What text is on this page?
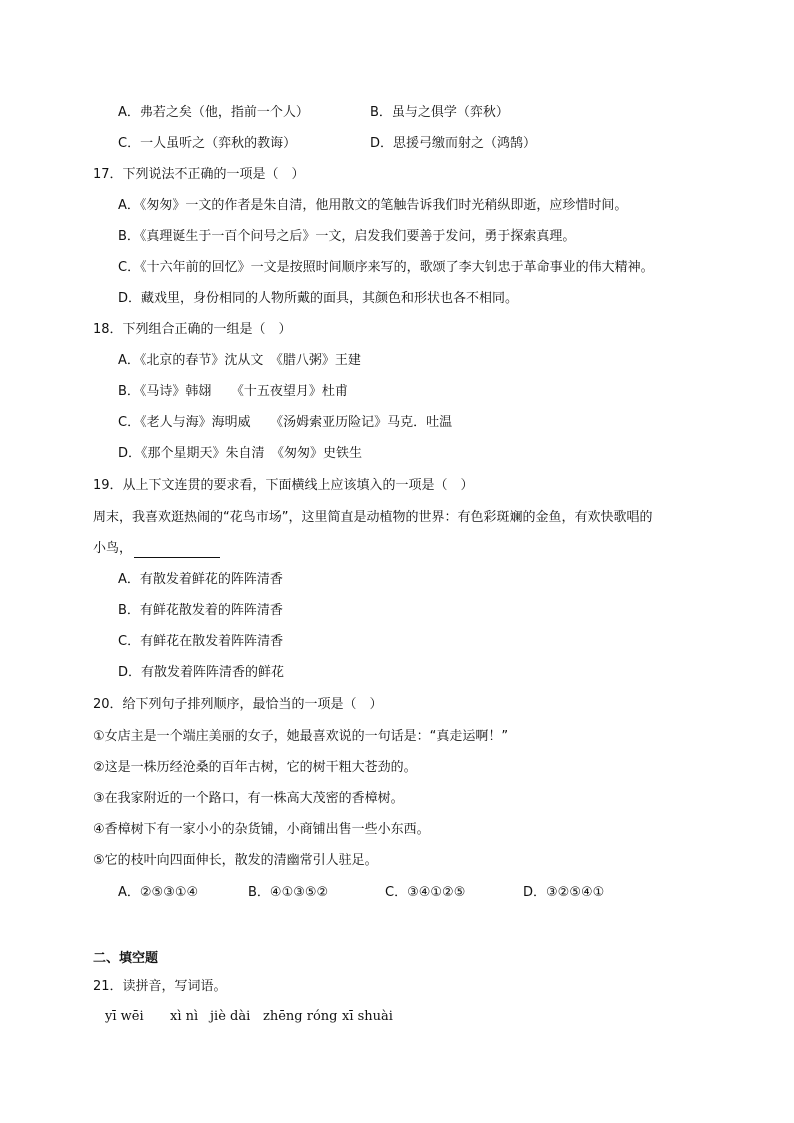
A．弗若之矣（他，指前一个人）	B．虽与之俱学（弈秋）
C．一人虽听之（弈秋的教诲）	D．思援弓缴而射之（鸿鹄）
17．下列说法不正确的一项是（　）
A．《匆匆》一文的作者是朱自清，他用散文的笔触告诉我们时光稍纵即逝，应珍惜时间。
B．《真理诞生于一百个问号之后》一文，启发我们要善于发问，勇于探索真理。
C．《十六年前的回忆》一文是按照时间顺序来写的，歌颂了李大钊忠于革命事业的伟大精神。
D．藏戏里，身份相同的人物所戴的面具，其颜色和形状也各不相同。
18．下列组合正确的一组是（　）
A．《北京的春节》沈从文　《腊八粥》王建
B．《马诗》韩翃　　《十五夜望月》杜甫
C．《老人与海》海明威　　《汤姆索亚历险记》马克．吐温
D．《那个星期天》朱自清　《匆匆》史铁生
19．从上下文连贯的要求看，下面横线上应该填入的一项是（　）
周末，我喜欢逛热闹的“花鸟市场”，这里简直是动植物的世界：有色彩斑斓的金鱼，有欢快歌唱的
小鸟，
A．有散发着鲜花的阵阵清香
B．有鲜花散发着的阵阵清香
C．有鲜花在散发着阵阵清香
D．有散发着阵阵清香的鲜花
20．给下列句子排列顺序，最恰当的一项是（　）
①女店主是一个端庄美丽的女子，她最喜欢说的一句话是：“真走运啊！”
②这是一株历经沧桑的百年古树，它的树干粗大苍劲的。
③在我家附近的一个路口，有一株高大茂密的香樟树。
④香樟树下有一家小小的杂货铺，小商铺出售一些小东西。
⑤它的枝叶向四面伸长，散发的清幽常引人驻足。
A．②⑤③①④	B．④①③⑤②	C．③④①②⑤	D．③②⑤④①
二、填空题
21．读拼音，写词语。
yī wēi	xì nì jiè dài zhēng róng xī shuài
